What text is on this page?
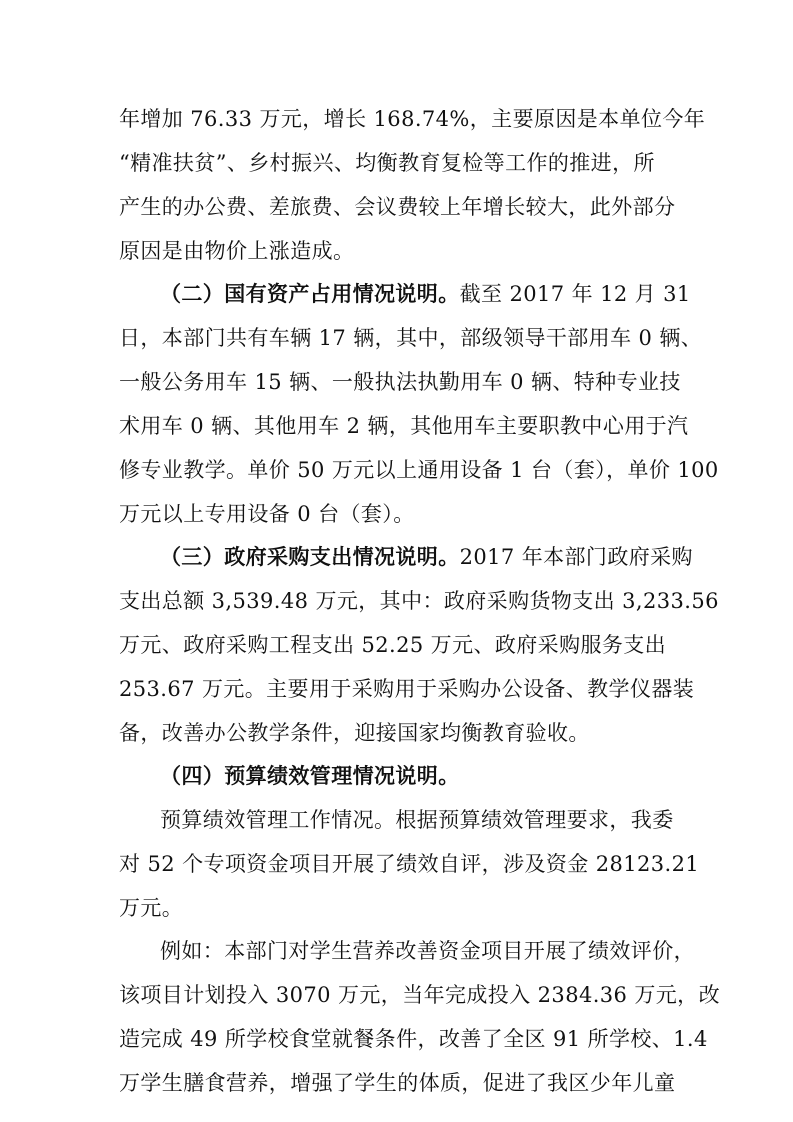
年增加 76.33 万元，增长 168.74%，主要原因是本单位今年
“精准扶贫”、乡村振兴、均衡教育复检等工作的推进，所
产生的办公费、差旅费、会议费较上年增长较大，此外部分
原因是由物价上涨造成。
（二）国有资产占用情况说明。截至 2017 年 12 月 31
日，本部门共有车辆 17 辆，其中，部级领导干部用车 0 辆、
一般公务用车 15 辆、一般执法执勤用车 0 辆、特种专业技
术用车 0 辆、其他用车 2 辆，其他用车主要职教中心用于汽
修专业教学。单价 50 万元以上通用设备 1 台（套），单价 100
万元以上专用设备 0 台（套）。
（三）政府采购支出情况说明。2017 年本部门政府采购
支出总额 3,539.48 万元，其中：政府采购货物支出 3,233.56
万元、政府采购工程支出 52.25 万元、政府采购服务支出
253.67 万元。主要用于采购用于采购办公设备、教学仪器装
备，改善办公教学条件，迎接国家均衡教育验收。
（四）预算绩效管理情况说明。
预算绩效管理工作情况。根据预算绩效管理要求，我委
对 52 个专项资金项目开展了绩效自评，涉及资金 28123.21
万元。
例如：本部门对学生营养改善资金项目开展了绩效评价，
该项目计划投入 3070 万元，当年完成投入 2384.36 万元，改
造完成 49 所学校食堂就餐条件，改善了全区 91 所学校、1.4
万学生膳食营养，增强了学生的体质，促进了我区少年儿童
